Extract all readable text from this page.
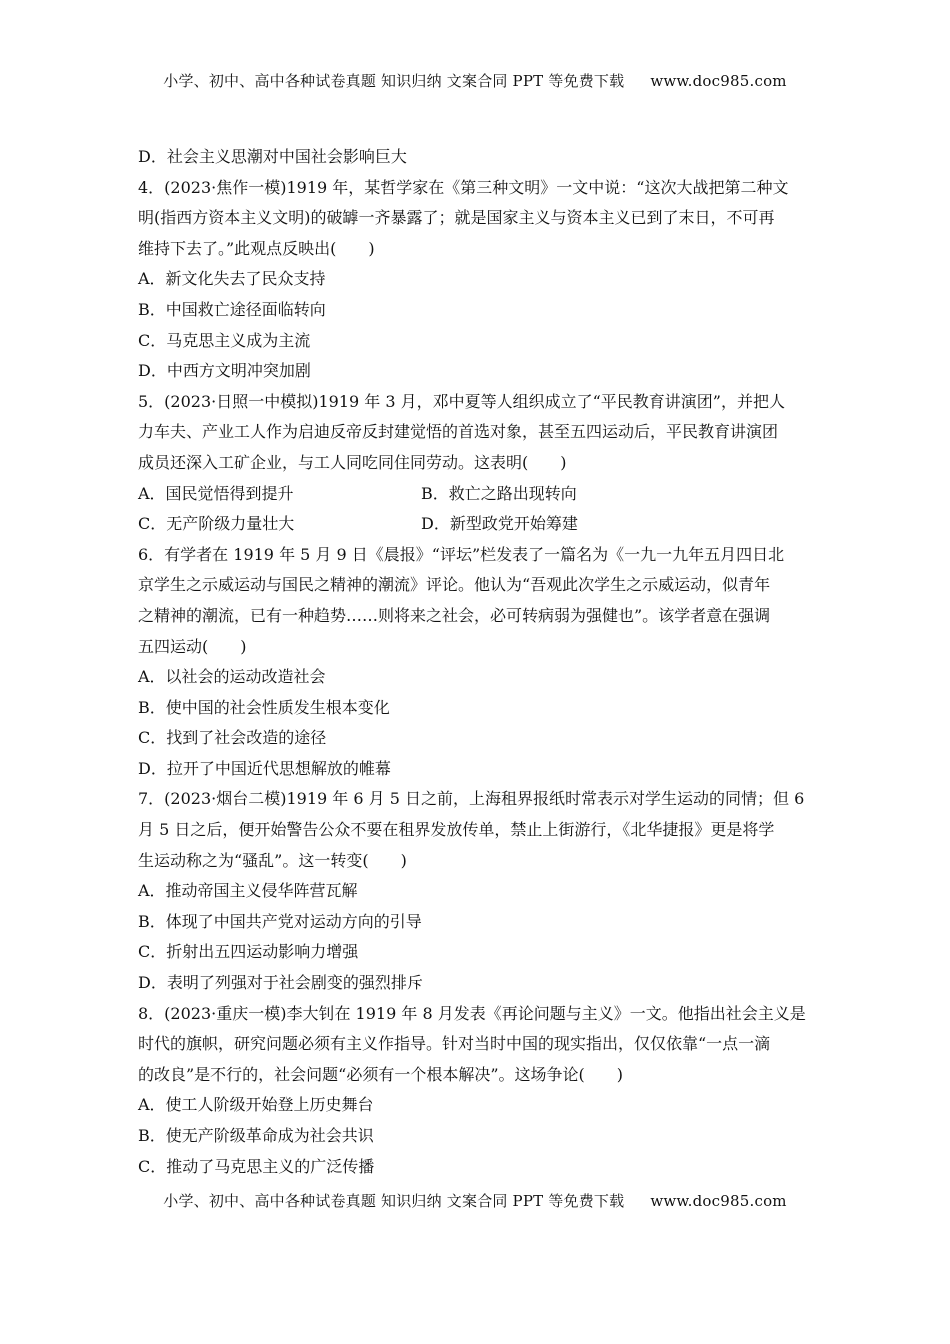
小学、初中、高中各种试卷真题 知识归纳 文案合同 PPT 等免费下载 www.doc985.com
D．社会主义思潮对中国社会影响巨大
4．(2023·焦作一模)1919 年，某哲学家在《第三种文明》一文中说：“这次大战把第二种文
明(指西方资本主义文明)的破罅一齐暴露了；就是国家主义与资本主义已到了末日，不可再
维持下去了。”此观点反映出(　　)
A．新文化失去了民众支持
B．中国救亡途径面临转向
C．马克思主义成为主流
D．中西方文明冲突加剧
5．(2023·日照一中模拟)1919 年 3 月，邓中夏等人组织成立了“平民教育讲演团”，并把人
力车夫、产业工人作为启迪反帝反封建觉悟的首选对象，甚至五四运动后，平民教育讲演团
成员还深入工矿企业，与工人同吃同住同劳动。这表明(　　)
A．国民觉悟得到提升	B．救亡之路出现转向
C．无产阶级力量壮大	D．新型政党开始筹建
6．有学者在 1919 年 5 月 9 日《晨报》“评坛”栏发表了一篇名为《一九一九年五月四日北
京学生之示威运动与国民之精神的潮流》评论。他认为“吾观此次学生之示威运动，似青年
之精神的潮流，已有一种趋势……则将来之社会，必可转病弱为强健也”。该学者意在强调
五四运动(　　)
A．以社会的运动改造社会
B．使中国的社会性质发生根本变化
C．找到了社会改造的途径
D．拉开了中国近代思想解放的帷幕
7．(2023·烟台二模)1919 年 6 月 5 日之前，上海租界报纸时常表示对学生运动的同情；但 6
月 5 日之后，便开始警告公众不要在租界发放传单，禁止上街游行，《北华捷报》更是将学
生运动称之为“骚乱”。这一转变(　　)
A．推动帝国主义侵华阵营瓦解
B．体现了中国共产党对运动方向的引导
C．折射出五四运动影响力增强
D．表明了列强对于社会剧变的强烈排斥
8．(2023·重庆一模)李大钊在 1919 年 8 月发表《再论问题与主义》一文。他指出社会主义是
时代的旗帜，研究问题必须有主义作指导。针对当时中国的现实指出，仅仅依靠“一点一滴
的改良”是不行的，社会问题“必须有一个根本解决”。这场争论(　　)
A．使工人阶级开始登上历史舞台
B．使无产阶级革命成为社会共识
C．推动了马克思主义的广泛传播
小学、初中、高中各种试卷真题 知识归纳 文案合同 PPT 等免费下载 www.doc985.com
